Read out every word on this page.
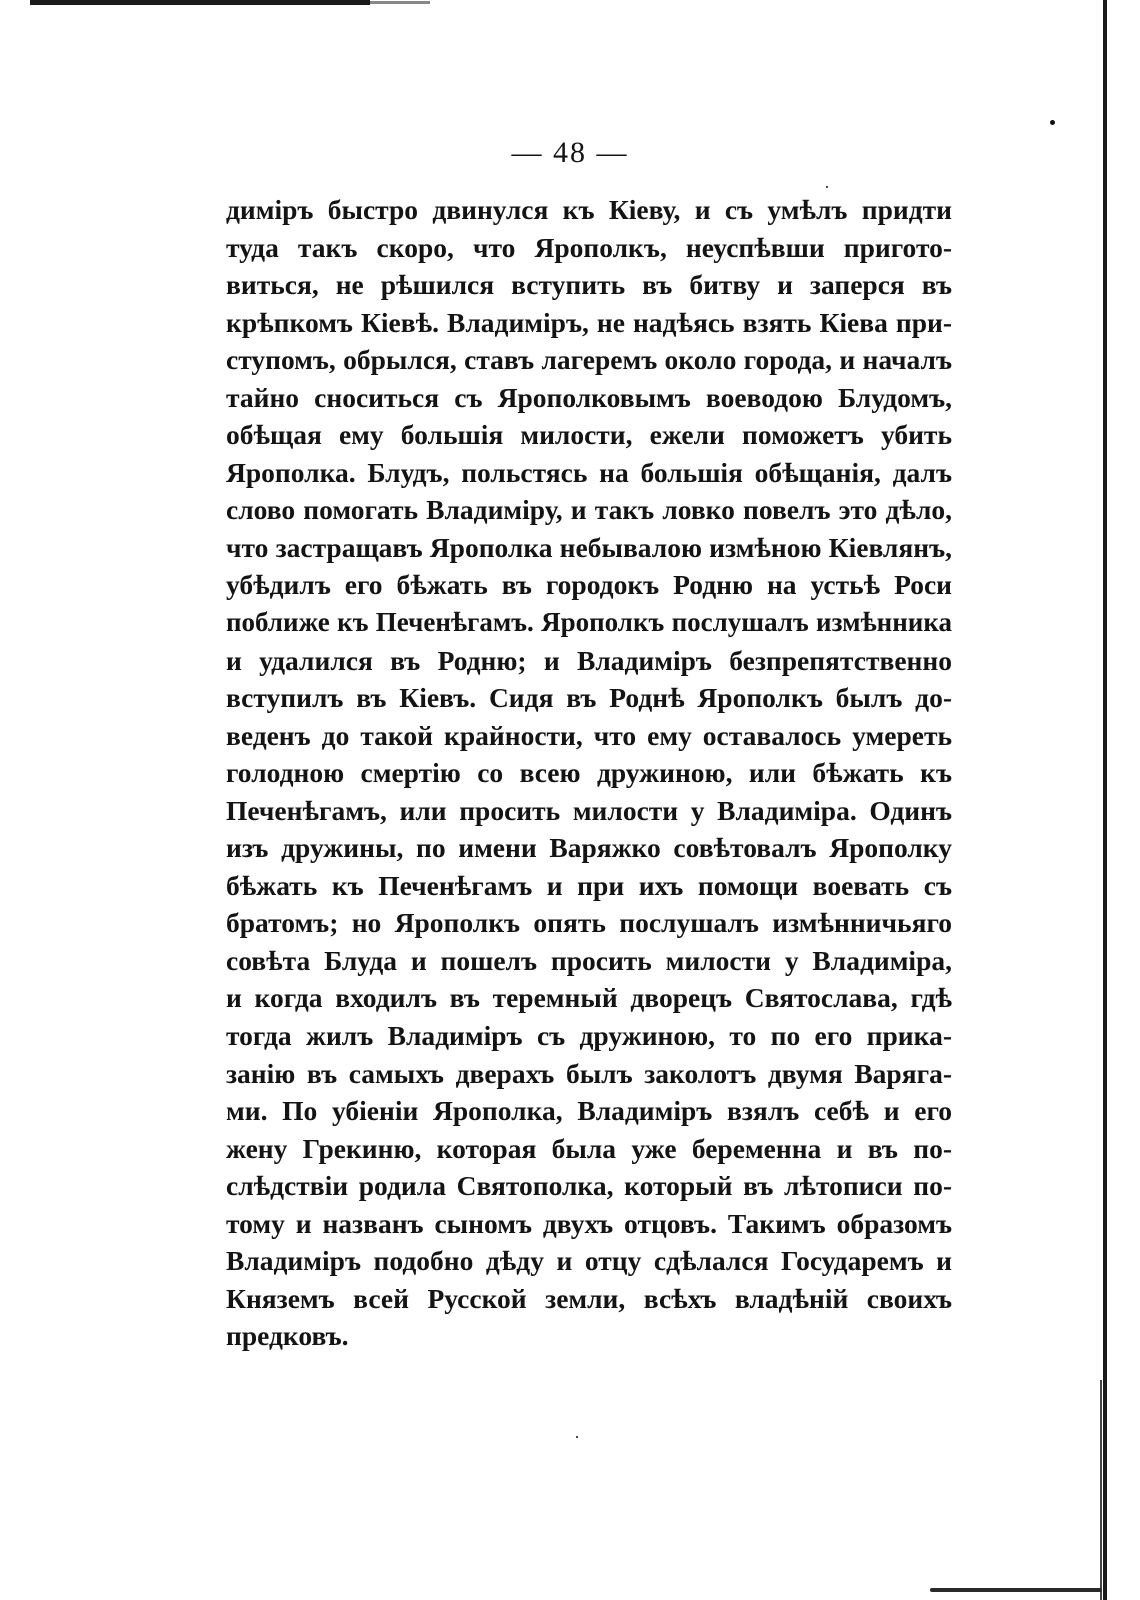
— 48 —
диміръ быстро двинулся къ Кіеву, и съ умѣлъ придти
туда такъ скоро, что Ярополкъ, неуспѣвши пригото-
виться, не рѣшился вступить въ битву и заперся въ
крѣпкомъ Кіевѣ. Владиміръ, не надѣясь взять Кіева при-
ступомъ, обрылся, ставъ лагеремъ около города, и началъ
тайно сноситься съ Ярополковымъ воеводою Блудомъ,
обѣщая ему большія милости, ежели поможетъ убить
Ярополка. Блудъ, польстясь на большія обѣщанія, далъ
слово помогать Владиміру, и такъ ловко повелъ это дѣло,
что застращавъ Ярополка небывалою измѣною Кіевлянъ,
убѣдилъ его бѣжать въ городокъ Родню на устьѣ Роси
поближе къ Печенѣгамъ. Ярополкъ послушалъ измѣнника
и удалился въ Родню; и Владиміръ безпрепятственно
вступилъ въ Кіевъ. Сидя въ Роднѣ Ярополкъ былъ до-
веденъ до такой крайности, что ему оставалось умереть
голодною смертію со всею дружиною, или бѣжать къ
Печенѣгамъ, или просить милости у Владиміра. Одинъ
изъ дружины, по имени Варяжко совѣтовалъ Ярополку
бѣжать къ Печенѣгамъ и при ихъ помощи воевать съ
братомъ; но Ярополкъ опять послушалъ измѣнничьяго
совѣта Блуда и пошелъ просить милости у Владиміра,
и когда входилъ въ теремный дворецъ Святослава, гдѣ
тогда жилъ Владиміръ съ дружиною, то по его прика-
занію въ самыхъ дверахъ былъ заколотъ двумя Варяга-
ми. По убіеніи Ярополка, Владиміръ взялъ себѣ и его
жену Грекиню, которая была уже беременна и въ по-
слѣдствіи родила Святополка, который въ лѣтописи по-
тому и названъ сыномъ двухъ отцовъ. Такимъ образомъ
Владиміръ подобно дѣду и отцу сдѣлался Государемъ и
Княземъ всей Русской земли, всѣхъ владѣній своихъ
предковъ.
